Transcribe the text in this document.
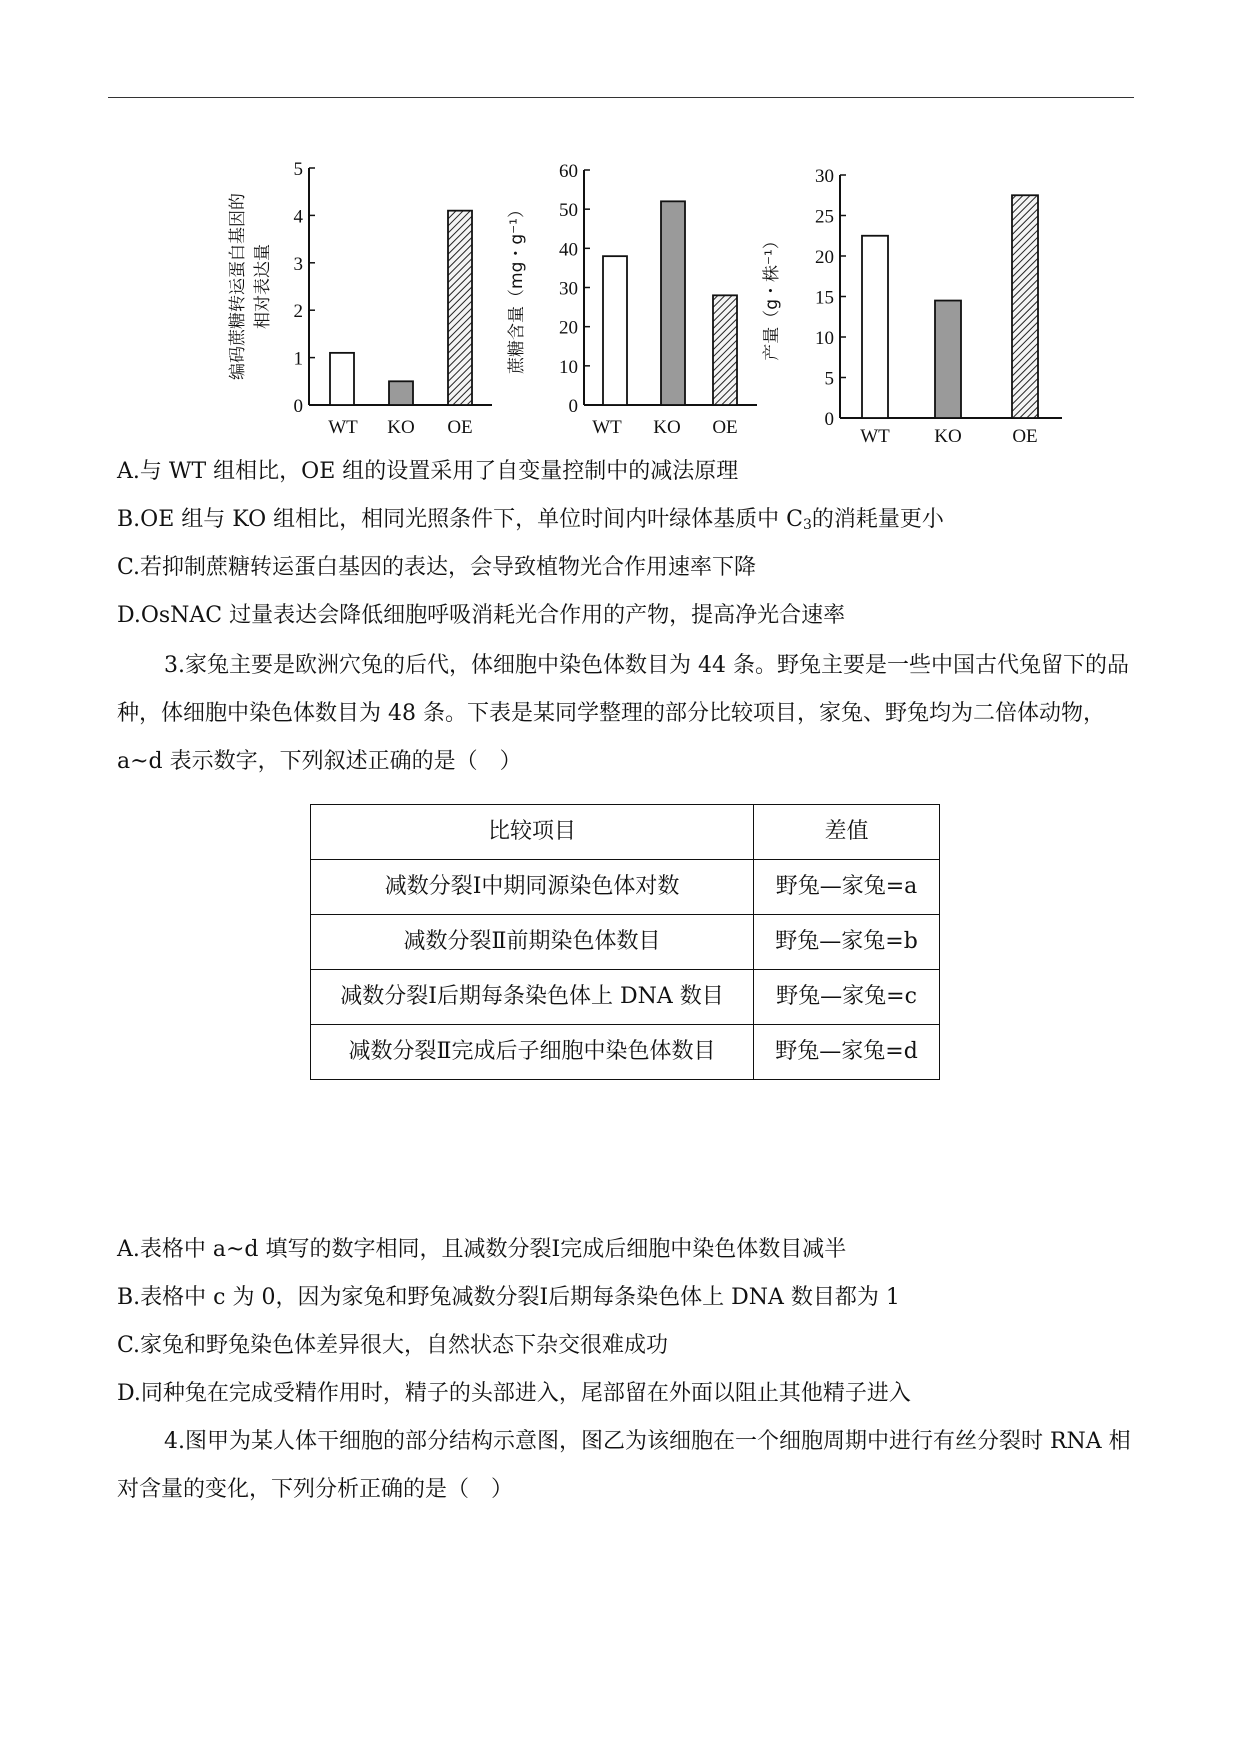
0
1
2
3
4
5
WT KO OE
编码蔗糖转运蛋白基因的 相对表达量
0
10
20
30
40
50
60
WT KO OE
蔗糖含量（mg・g⁻¹）
0
5
10
15
20
25
30
WT KO	OE
产量（g・株⁻¹）
A.与 WT 组相比，OE 组的设置采用了自变量控制中的减法原理
B.OE 组与 KO 组相比，相同光照条件下，单位时间内叶绿体基质中 $C_3$的消耗量更小
C.若抑制蔗糖转运蛋白基因的表达，会导致植物光合作用速率下降
D.OsNAC 过量表达会降低细胞呼吸消耗光合作用的产物，提高净光合速率

3.家兔主要是欧洲穴兔的后代，体细胞中染色体数目为 44 条。野兔主要是一些中国古代兔留下的品种，体细胞中染色体数目为 48 条。下表是某同学整理的部分比较项目，家兔、野兔均为二倍体动物，a~d 表示数字，下列叙述正确的是（　）

比较项目	差值
减数分裂Ⅰ中期同源染色体对数	野兔—家兔=a
减数分裂Ⅱ前期染色体数目	野兔—家兔=b
减数分裂Ⅰ后期每条染色体上 DNA 数目	野兔—家兔=c
减数分裂Ⅱ完成后子细胞中染色体数目	野兔—家兔=d
A.表格中 a~d 填写的数字相同，且减数分裂Ⅰ完成后细胞中染色体数目减半
B.表格中 c 为 0，因为家兔和野兔减数分裂Ⅰ后期每条染色体上 DNA 数目都为 1
C.家兔和野兔染色体差异很大，自然状态下杂交很难成功
D.同种兔在完成受精作用时，精子的头部进入，尾部留在外面以阻止其他精子进入

4.图甲为某人体干细胞的部分结构示意图，图乙为该细胞在一个细胞周期中进行有丝分裂时 RNA 相对含量的变化，下列分析正确的是（　）
